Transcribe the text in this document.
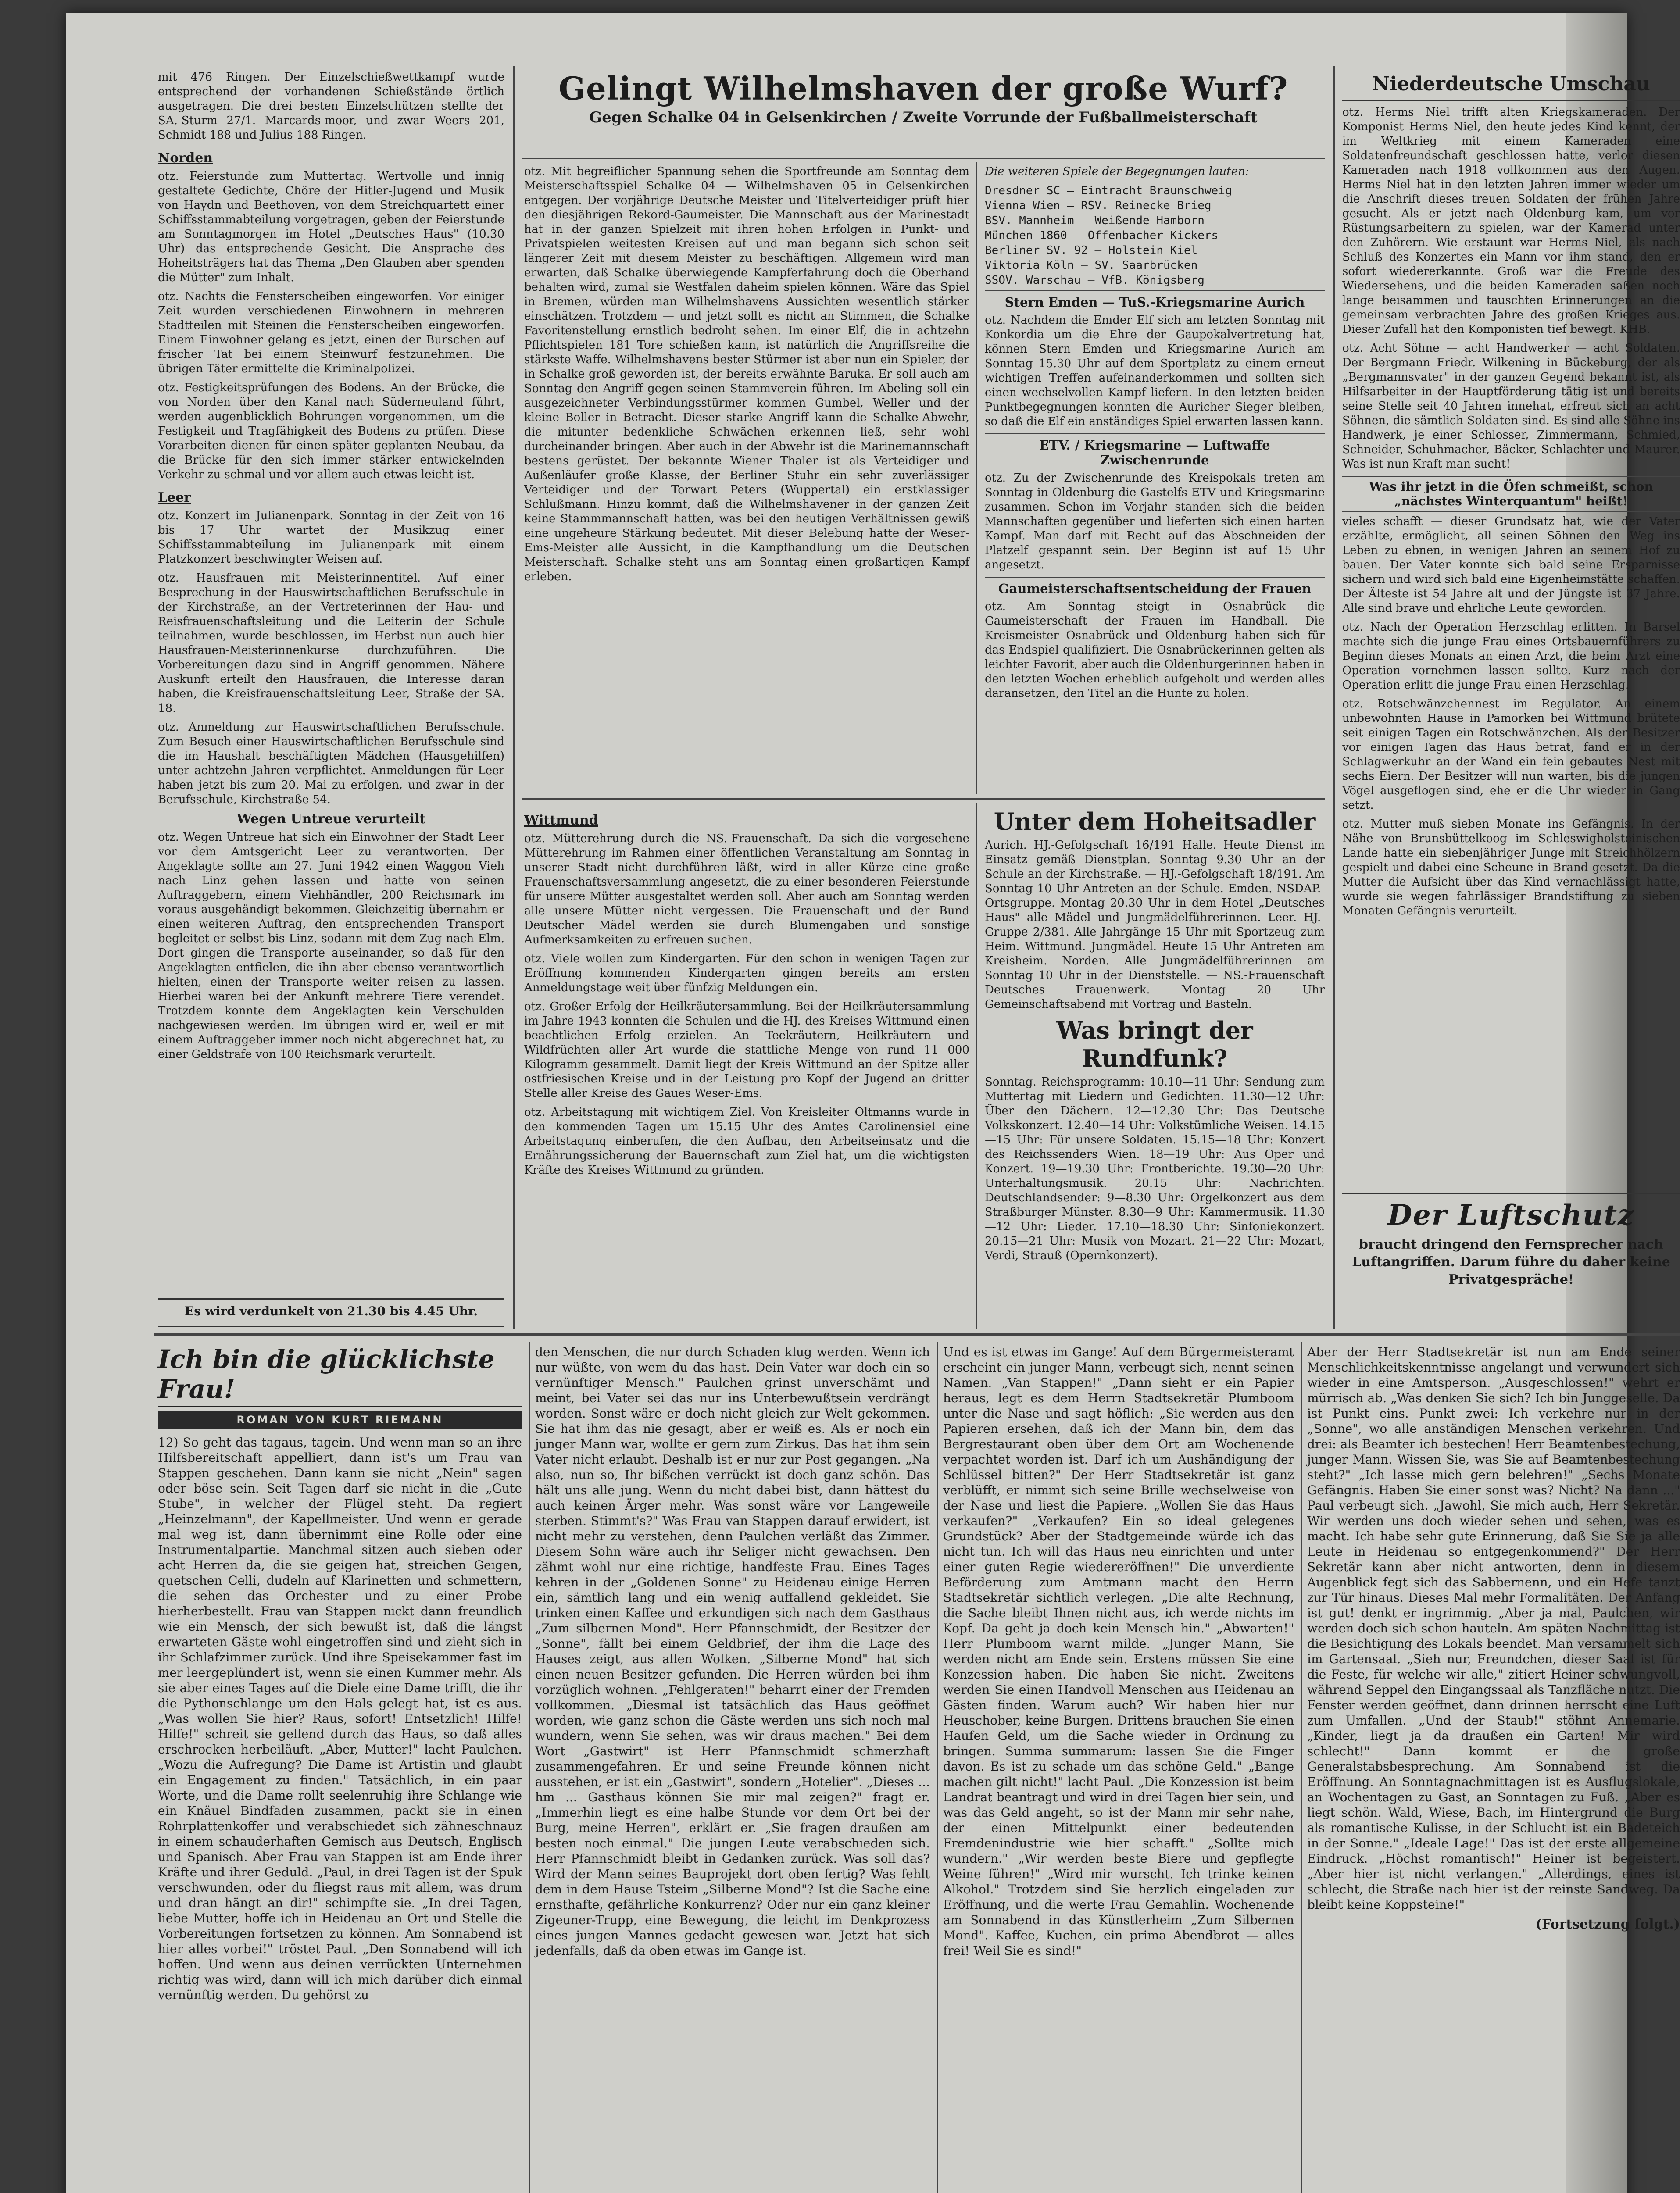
mit 476 Ringen. Der Einzelschießwettkampf wurde entsprechend der vorhandenen Schießstände örtlich ausgetragen. Die drei besten Einzelschützen stellte der SA.-Sturm 27/1. Marcards-moor, und zwar Weers 201, Schmidt 188 und Julius 188 Ringen.

Norden

otz. Feierstunde zum Muttertag. Wertvolle und innig gestaltete Gedichte, Chöre der Hitler-Jugend und Musik von Haydn und Beethoven, von dem Streichquartett einer Schiffsstammabteilung vorgetragen, geben der Feierstunde am Sonntagmorgen im Hotel „Deutsches Haus" (10.30 Uhr) das entsprechende Gesicht. Die Ansprache des Hoheitsträgers hat das Thema „Den Glauben aber spenden die Mütter" zum Inhalt.

otz. Nachts die Fensterscheiben eingeworfen. Vor einiger Zeit wurden verschiedenen Einwohnern in mehreren Stadtteilen mit Steinen die Fensterscheiben eingeworfen. Einem Einwohner gelang es jetzt, einen der Burschen auf frischer Tat bei einem Steinwurf festzunehmen. Die übrigen Täter ermittelte die Kriminalpolizei.

otz. Festigkeitsprüfungen des Bodens. An der Brücke, die von Norden über den Kanal nach Süderneuland führt, werden augenblicklich Bohrungen vorgenommen, um die Festigkeit und Tragfähigkeit des Bodens zu prüfen. Diese Vorarbeiten dienen für einen später geplanten Neubau, da die Brücke für den sich immer stärker entwickelnden Verkehr zu schmal und vor allem auch etwas leicht ist.

Leer

otz. Konzert im Julianenpark. Sonntag in der Zeit von 16 bis 17 Uhr wartet der Musikzug einer Schiffsstammabteilung im Julianenpark mit einem Platzkonzert beschwingter Weisen auf.

otz. Hausfrauen mit Meisterinnentitel. Auf einer Besprechung in der Hauswirtschaftlichen Berufsschule in der Kirchstraße, an der Vertreterinnen der Hau- und Reisfrauenschaftsleitung und die Leiterin der Schule teilnahmen, wurde beschlossen, im Herbst nun auch hier Hausfrauen-Meisterinnenkurse durchzuführen. Die Vorbereitungen dazu sind in Angriff genommen. Nähere Auskunft erteilt den Hausfrauen, die Interesse daran haben, die Kreisfrauenschaftsleitung Leer, Straße der SA. 18.

otz. Anmeldung zur Hauswirtschaftlichen Berufsschule. Zum Besuch einer Hauswirtschaftlichen Berufsschule sind die im Haushalt beschäftigten Mädchen (Hausgehilfen) unter achtzehn Jahren verpflichtet. Anmeldungen für Leer haben jetzt bis zum 20. Mai zu erfolgen, und zwar in der Berufsschule, Kirchstraße 54.

Wegen Untreue verurteilt

otz. Wegen Untreue hat sich ein Einwohner der Stadt Leer vor dem Amtsgericht Leer zu verantworten. Der Angeklagte sollte am 27. Juni 1942 einen Waggon Vieh nach Linz gehen lassen und hatte von seinen Auftraggebern, einem Viehhändler, 200 Reichsmark im voraus ausgehändigt bekommen. Gleichzeitig übernahm er einen weiteren Auftrag, den entsprechenden Transport begleitet er selbst bis Linz, sodann mit dem Zug nach Elm. Dort gingen die Transporte auseinander, so daß für den Angeklagten entfielen, die ihn aber ebenso verantwortlich hielten, einen der Transporte weiter reisen zu lassen. Hierbei waren bei der Ankunft mehrere Tiere verendet. Trotzdem konnte dem Angeklagten kein Verschulden nachgewiesen werden. Im übrigen wird er, weil er mit einem Auftraggeber immer noch nicht abgerechnet hat, zu einer Geldstrafe von 100 Reichsmark verurteilt.

Es wird verdunkelt von 21.30 bis 4.45 Uhr.
Gelingt Wilhelmshaven der große Wurf?
Gegen Schalke 04 in Gelsenkirchen / Zweite Vorrunde der Fußballmeisterschaft

otz. Mit begreiflicher Spannung sehen die Sportfreunde am Sonntag dem Meisterschaftsspiel Schalke 04 — Wilhelmshaven 05 in Gelsenkirchen entgegen. Der vorjährige Deutsche Meister und Titelverteidiger prüft hier den diesjährigen Rekord-Gaumeister. Die Mannschaft aus der Marinestadt hat in der ganzen Spielzeit mit ihren hohen Erfolgen in Punkt- und Privatspielen weitesten Kreisen auf und man begann sich schon seit längerer Zeit mit diesem Meister zu beschäftigen. Allgemein wird man erwarten, daß Schalke überwiegende Kampferfahrung doch die Oberhand behalten wird, zumal sie Westfalen daheim spielen können. Wäre das Spiel in Bremen, würden man Wilhelmshavens Aussichten wesentlich stärker einschätzen. Trotzdem — und jetzt sollt es nicht an Stimmen, die Schalke Favoritenstellung ernstlich bedroht sehen. Im einer Elf, die in achtzehn Pflichtspielen 181 Tore schießen kann, ist natürlich die Angriffsreihe die stärkste Waffe. Wilhelmshavens bester Stürmer ist aber nun ein Spieler, der in Schalke groß geworden ist, der bereits erwähnte Baruka. Er soll auch am Sonntag den Angriff gegen seinen Stammverein führen. Im Abeling soll ein ausgezeichneter Verbindungsstürmer kommen Gumbel, Weller und der kleine Boller in Betracht. Dieser starke Angriff kann die Schalke-Abwehr, die mitunter bedenkliche Schwächen erkennen ließ, sehr wohl durcheinander bringen. Aber auch in der Abwehr ist die Marinemannschaft bestens gerüstet. Der bekannte Wiener Thaler ist als Verteidiger und Außenläufer große Klasse, der Berliner Stuhr ein sehr zuverlässiger Verteidiger und der Torwart Peters (Wuppertal) ein erstklassiger Schlußmann. Hinzu kommt, daß die Wilhelmshavener in der ganzen Zeit keine Stammmannschaft hatten, was bei den heutigen Verhältnissen gewiß eine ungeheure Stärkung bedeutet. Mit dieser Belebung hatte der Weser-Ems-Meister alle Aussicht, in die Kampfhandlung um die Deutschen Meisterschaft. Schalke steht uns am Sonntag einen großartigen Kampf erleben.

Die weiteren Spiele der Begegnungen lauten:

Dresdner SC — Eintracht Braunschweig
Vienna Wien — RSV. Reinecke Brieg
BSV. Mannheim — Weißende Hamborn
München 1860 — Offenbacher Kickers
Berliner SV. 92 — Holstein Kiel
Viktoria Köln — SV. Saarbrücken
SSOV. Warschau — VfB. Königsberg
Stern Emden — TuS.-Kriegsmarine Aurich

otz. Nachdem die Emder Elf sich am letzten Sonntag mit Konkordia um die Ehre der Gaupokalvertretung hat, können Stern Emden und Kriegsmarine Aurich am Sonntag 15.30 Uhr auf dem Sportplatz zu einem erneut wichtigen Treffen aufeinanderkommen und sollten sich einen wechselvollen Kampf liefern. In den letzten beiden Punktbegegnungen konnten die Auricher Sieger bleiben, so daß die Elf ein anständiges Spiel erwarten lassen kann.

ETV. / Kriegsmarine — Luftwaffe Zwischenrunde

otz. Zu der Zwischenrunde des Kreispokals treten am Sonntag in Oldenburg die Gastelfs ETV und Kriegsmarine zusammen. Schon im Vorjahr standen sich die beiden Mannschaften gegenüber und lieferten sich einen harten Kampf. Man darf mit Recht auf das Abschneiden der Platzelf gespannt sein. Der Beginn ist auf 15 Uhr angesetzt.

Gaumeisterschaftsentscheidung der Frauen

otz. Am Sonntag steigt in Osnabrück die Gaumeisterschaft der Frauen im Handball. Die Kreismeister Osnabrück und Oldenburg haben sich für das Endspiel qualifiziert. Die Osnabrückerinnen gelten als leichter Favorit, aber auch die Oldenburgerinnen haben in den letzten Wochen erheblich aufgeholt und werden alles daransetzen, den Titel an die Hunte zu holen.

Wittmund

otz. Mütterehrung durch die NS.-Frauenschaft. Da sich die vorgesehene Mütterehrung im Rahmen einer öffentlichen Veranstaltung am Sonntag in unserer Stadt nicht durchführen läßt, wird in aller Kürze eine große Frauenschaftsversammlung angesetzt, die zu einer besonderen Feierstunde für unsere Mütter ausgestaltet werden soll. Aber auch am Sonntag werden alle unsere Mütter nicht vergessen. Die Frauenschaft und der Bund Deutscher Mädel werden sie durch Blumengaben und sonstige Aufmerksamkeiten zu erfreuen suchen.

otz. Viele wollen zum Kindergarten. Für den schon in wenigen Tagen zur Eröffnung kommenden Kindergarten gingen bereits am ersten Anmeldungstage weit über fünfzig Meldungen ein.

otz. Großer Erfolg der Heilkräutersammlung. Bei der Heilkräutersammlung im Jahre 1943 konnten die Schulen und die HJ. des Kreises Wittmund einen beachtlichen Erfolg erzielen. An Teekräutern, Heilkräutern und Wildfrüchten aller Art wurde die stattliche Menge von rund 11 000 Kilogramm gesammelt. Damit liegt der Kreis Wittmund an der Spitze aller ostfriesischen Kreise und in der Leistung pro Kopf der Jugend an dritter Stelle aller Kreise des Gaues Weser-Ems.

otz. Arbeitstagung mit wichtigem Ziel. Von Kreisleiter Oltmanns wurde in den kommenden Tagen um 15.15 Uhr des Amtes Carolinensiel eine Arbeitstagung einberufen, die den Aufbau, den Arbeitseinsatz und die Ernährungssicherung der Bauernschaft zum Ziel hat, um die wichtigsten Kräfte des Kreises Wittmund zu gründen.

Unter dem Hoheitsadler

Aurich. HJ.-Gefolgschaft 16/191 Halle. Heute Dienst im Einsatz gemäß Dienstplan. Sonntag 9.30 Uhr an der Schule an der Kirchstraße. — HJ.-Gefolgschaft 18/191. Am Sonntag 10 Uhr Antreten an der Schule. Emden. NSDAP.-Ortsgruppe. Montag 20.30 Uhr in dem Hotel „Deutsches Haus" alle Mädel und Jungmädelführerinnen. Leer. HJ.-Gruppe 2/381. Alle Jahrgänge 15 Uhr mit Sportzeug zum Heim. Wittmund. Jungmädel. Heute 15 Uhr Antreten am Kreisheim. Norden. Alle Jungmädelführerinnen am Sonntag 10 Uhr in der Dienststelle. — NS.-Frauenschaft Deutsches Frauenwerk. Montag 20 Uhr Gemeinschaftsabend mit Vortrag und Basteln.

Was bringt der Rundfunk?

Sonntag. Reichsprogramm: 10.10—11 Uhr: Sendung zum Muttertag mit Liedern und Gedichten. 11.30—12 Uhr: Über den Dächern. 12—12.30 Uhr: Das Deutsche Volkskonzert. 12.40—14 Uhr: Volkstümliche Weisen. 14.15—15 Uhr: Für unsere Soldaten. 15.15—18 Uhr: Konzert des Reichssenders Wien. 18—19 Uhr: Aus Oper und Konzert. 19—19.30 Uhr: Frontberichte. 19.30—20 Uhr: Unterhaltungsmusik. 20.15 Uhr: Nachrichten. Deutschlandsender: 9—8.30 Uhr: Orgelkonzert aus dem Straßburger Münster. 8.30—9 Uhr: Kammermusik. 11.30—12 Uhr: Lieder. 17.10—18.30 Uhr: Sinfoniekonzert. 20.15—21 Uhr: Musik von Mozart. 21—22 Uhr: Mozart, Verdi, Strauß (Opernkonzert).

Niederdeutsche Umschau

otz. Herms Niel trifft alten Kriegskameraden. Der Komponist Herms Niel, den heute jedes Kind kennt, der im Weltkrieg mit einem Kameraden eine Soldatenfreundschaft geschlossen hatte, verlor diesen Kameraden nach 1918 vollkommen aus den Augen. Herms Niel hat in den letzten Jahren immer wieder um die Anschrift dieses treuen Soldaten der frühen Jahre gesucht. Als er jetzt nach Oldenburg kam, um vor Rüstungsarbeitern zu spielen, war der Kamerad unter den Zuhörern. Wie erstaunt war Herms Niel, als nach Schluß des Konzertes ein Mann vor ihm stand, den er sofort wiedererkannte. Groß war die Freude des Wiedersehens, und die beiden Kameraden saßen noch lange beisammen und tauschten Erinnerungen an die gemeinsam verbrachten Jahre des großen Krieges aus. Dieser Zufall hat den Komponisten tief bewegt. KHB.

otz. Acht Söhne — acht Handwerker — acht Soldaten. Der Bergmann Friedr. Wilkening in Bückeburg, der als „Bergmannsvater" in der ganzen Gegend bekannt ist, als Hilfsarbeiter in der Hauptförderung tätig ist und bereits seine Stelle seit 40 Jahren innehat, erfreut sich an acht Söhnen, die sämtlich Soldaten sind. Es sind alle Söhne ins Handwerk, je einer Schlosser, Zimmermann, Schmied, Schneider, Schuhmacher, Bäcker, Schlachter und Maurer. Was ist nun Kraft man sucht!

Was ihr jetzt in die Öfen schmeißt, schon „nächstes Winterquantum" heißt!

vieles schafft — dieser Grundsatz hat, wie der Vater erzählte, ermöglicht, all seinen Söhnen den Weg ins Leben zu ebnen, in wenigen Jahren an seinem Hof zu bauen. Der Vater konnte sich bald seine Ersparnisse sichern und wird sich bald eine Eigenheimstätte schaffen. Der Älteste ist 54 Jahre alt und der Jüngste ist 37 Jahre. Alle sind brave und ehrliche Leute geworden.

otz. Nach der Operation Herzschlag erlitten. In Barsel machte sich die junge Frau eines Ortsbauernführers zu Beginn dieses Monats an einen Arzt, die beim Arzt eine Operation vornehmen lassen sollte. Kurz nach der Operation erlitt die junge Frau einen Herzschlag.

otz. Rotschwänzchennest im Regulator. An einem unbewohnten Hause in Pamorken bei Wittmund brütete seit einigen Tagen ein Rotschwänzchen. Als der Besitzer vor einigen Tagen das Haus betrat, fand er in der Schlagwerkuhr an der Wand ein fein gebautes Nest mit sechs Eiern. Der Besitzer will nun warten, bis die jungen Vögel ausgeflogen sind, ehe er die Uhr wieder in Gang setzt.

otz. Mutter muß sieben Monate ins Gefängnis. In der Nähe von Brunsbüttelkoog im Schleswigholsteinischen Lande hatte ein siebenjähriger Junge mit Streichhölzern gespielt und dabei eine Scheune in Brand gesetzt. Da die Mutter die Aufsicht über das Kind vernachlässigt hatte, wurde sie wegen fahrlässiger Brandstiftung zu sieben Monaten Gefängnis verurteilt.

Der Luftschutz
braucht dringend den Fernsprecher nach Luftangriffen. Darum führe du daher keine Privatgespräche!
Ich bin die glücklichste Frau!
ROMAN VON KURT RIEMANN

12) So geht das tagaus, tagein. Und wenn man so an ihre Hilfsbereitschaft appelliert, dann ist's um Frau van Stappen geschehen. Dann kann sie nicht „Nein" sagen oder böse sein. Seit Tagen darf sie nicht in die „Gute Stube", in welcher der Flügel steht. Da regiert „Heinzelmann", der Kapellmeister. Und wenn er gerade mal weg ist, dann übernimmt eine Rolle oder eine Instrumentalpartie. Manchmal sitzen auch sieben oder acht Herren da, die sie geigen hat, streichen Geigen, quetschen Celli, dudeln auf Klarinetten und schmettern, die sehen das Orchester und zu einer Probe hierherbestellt. Frau van Stappen nickt dann freundlich wie ein Mensch, der sich bewußt ist, daß die längst erwarteten Gäste wohl eingetroffen sind und zieht sich in ihr Schlafzimmer zurück. Und ihre Speisekammer fast im mer leergeplündert ist, wenn sie einen Kummer mehr. Als sie aber eines Tages auf die Diele eine Dame trifft, die ihr die Pythonschlange um den Hals gelegt hat, ist es aus. „Was wollen Sie hier? Raus, sofort! Entsetzlich! Hilfe! Hilfe!" schreit sie gellend durch das Haus, so daß alles erschrocken herbeiläuft. „Aber, Mutter!" lacht Paulchen. „Wozu die Aufregung? Die Dame ist Artistin und glaubt ein Engagement zu finden." Tatsächlich, in ein paar Worte, und die Dame rollt seelenruhig ihre Schlange wie ein Knäuel Bindfaden zusammen, packt sie in einen Rohrplattenkoffer und verabschiedet sich zähneschnauz in einem schauderhaften Gemisch aus Deutsch, Englisch und Spanisch. Aber Frau van Stappen ist am Ende ihrer Kräfte und ihrer Geduld. „Paul, in drei Tagen ist der Spuk verschwunden, oder du fliegst raus mit allem, was drum und dran hängt an dir!" schimpfte sie. „In drei Tagen, liebe Mutter, hoffe ich in Heidenau an Ort und Stelle die Vorbereitungen fortsetzen zu können. Am Sonnabend ist hier alles vorbei!" tröstet Paul. „Den Sonnabend will ich hoffen. Und wenn aus deinen verrückten Unternehmen richtig was wird, dann will ich mich darüber dich einmal vernünftig werden. Du gehörst zu

den Menschen, die nur durch Schaden klug werden. Wenn ich nur wüßte, von wem du das hast. Dein Vater war doch ein so vernünftiger Mensch." Paulchen grinst unverschämt und meint, bei Vater sei das nur ins Unterbewußtsein verdrängt worden. Sonst wäre er doch nicht gleich zur Welt gekommen. Sie hat ihm das nie gesagt, aber er weiß es. Als er noch ein junger Mann war, wollte er gern zum Zirkus. Das hat ihm sein Vater nicht erlaubt. Deshalb ist er nur zur Post gegangen. „Na also, nun so, Ihr bißchen verrückt ist doch ganz schön. Das hält uns alle jung. Wenn du nicht dabei bist, dann hättest du auch keinen Ärger mehr. Was sonst wäre vor Langeweile sterben. Stimmt's?" Was Frau van Stappen darauf erwidert, ist nicht mehr zu verstehen, denn Paulchen verläßt das Zimmer. Diesem Sohn wäre auch ihr Seliger nicht gewachsen. Den zähmt wohl nur eine richtige, handfeste Frau. Eines Tages kehren in der „Goldenen Sonne" zu Heidenau einige Herren ein, sämtlich lang und ein wenig auffallend gekleidet. Sie trinken einen Kaffee und erkundigen sich nach dem Gasthaus „Zum silbernen Mond". Herr Pfannschmidt, der Besitzer der „Sonne", fällt bei einem Geldbrief, der ihm die Lage des Hauses zeigt, aus allen Wolken. „Silberne Mond" hat sich einen neuen Besitzer gefunden. Die Herren würden bei ihm vorzüglich wohnen. „Fehlgeraten!" beharrt einer der Fremden vollkommen. „Diesmal ist tatsächlich das Haus geöffnet worden, wie ganz schon die Gäste werden uns sich noch mal wundern, wenn Sie sehen, was wir draus machen." Bei dem Wort „Gastwirt" ist Herr Pfannschmidt schmerzhaft zusammengefahren. Er und seine Freunde können nicht ausstehen, er ist ein „Gastwirt", sondern „Hotelier". „Dieses ... hm ... Gasthaus können Sie mir mal zeigen?" fragt er. „Immerhin liegt es eine halbe Stunde vor dem Ort bei der Burg, meine Herren", erklärt er. „Sie fragen draußen am besten noch einmal." Die jungen Leute verabschieden sich. Herr Pfannschmidt bleibt in Gedanken zurück. Was soll das? Wird der Mann seines Bauprojekt dort oben fertig? Was fehlt dem in dem Hause Tsteim „Silberne Mond"? Ist die Sache eine ernsthafte, gefährliche Konkurrenz? Oder nur ein ganz kleiner Zigeuner-Trupp, eine Bewegung, die leicht im Denkprozess eines jungen Mannes gedacht gewesen war. Jetzt hat sich jedenfalls, daß da oben etwas im Gange ist.

Und es ist etwas im Gange! Auf dem Bürgermeisteramt erscheint ein junger Mann, verbeugt sich, nennt seinen Namen. „Van Stappen!" „Dann sieht er ein Papier heraus, legt es dem Herrn Stadtsekretär Plumboom unter die Nase und sagt höflich: „Sie werden aus den Papieren ersehen, daß ich der Mann bin, dem das Bergrestaurant oben über dem Ort am Wochenende verpachtet worden ist. Darf ich um Aushändigung der Schlüssel bitten?" Der Herr Stadtsekretär ist ganz verblüfft, er nimmt sich seine Brille wechselweise von der Nase und liest die Papiere. „Wollen Sie das Haus verkaufen?" „Verkaufen? Ein so ideal gelegenes Grundstück? Aber der Stadtgemeinde würde ich das nicht tun. Ich will das Haus neu einrichten und unter einer guten Regie wiedereröffnen!" Die unverdiente Beförderung zum Amtmann macht den Herrn Stadtsekretär sichtlich verlegen. „Die alte Rechnung, die Sache bleibt Ihnen nicht aus, ich werde nichts im Kopf. Da geht ja doch kein Mensch hin." „Abwarten!" Herr Plumboom warnt milde. „Junger Mann, Sie werden nicht am Ende sein. Erstens müssen Sie eine Konzession haben. Die haben Sie nicht. Zweitens werden Sie einen Handvoll Menschen aus Heidenau an Gästen finden. Warum auch? Wir haben hier nur Heuschober, keine Burgen. Drittens brauchen Sie einen Haufen Geld, um die Sache wieder in Ordnung zu bringen. Summa summarum: lassen Sie die Finger davon. Es ist zu schade um das schöne Geld." „Bange machen gilt nicht!" lacht Paul. „Die Konzession ist beim Landrat beantragt und wird in drei Tagen hier sein, und was das Geld angeht, so ist der Mann mir sehr nahe, der einen Mittelpunkt einer bedeutenden Fremdenindustrie wie hier schafft." „Sollte mich wundern." „Wir werden beste Biere und gepflegte Weine führen!" „Wird mir wurscht. Ich trinke keinen Alkohol." Trotzdem sind Sie herzlich eingeladen zur Eröffnung, und die werte Frau Gemahlin. Wochenende am Sonnabend in das Künstlerheim „Zum Silbernen Mond". Kaffee, Kuchen, ein prima Abendbrot — alles frei! Weil Sie es sind!"

Aber der Herr Stadtsekretär ist nun am Ende seiner Menschlichkeitskenntnisse angelangt und verwundert sich wieder in eine Amtsperson. „Ausgeschlossen!" wehrt er mürrisch ab. „Was denken Sie sich? Ich bin Junggeselle. Da ist Punkt eins. Punkt zwei: Ich verkehre nur in der „Sonne", wo alle anständigen Menschen verkehren. Und drei: als Beamter ich bestechen! Herr Beamtenbestechung, junger Mann. Wissen Sie, was Sie auf Beamtenbestechung steht?" „Ich lasse mich gern belehren!" „Sechs Monate Gefängnis. Haben Sie einer sonst was? Nicht? Na dann ..." Paul verbeugt sich. „Jawohl, Sie mich auch, Herr Sekretär. Wir werden uns doch wieder sehen und sehen, was es macht. Ich habe sehr gute Erinnerung, daß Sie Sie ja alle Leute in Heidenau so entgegenkommend?" Der Herr Sekretär kann aber nicht antworten, denn in diesem Augenblick fegt sich das Sabbernenn, und ein Hefe tanzt zur Tür hinaus. Dieses Mal mehr Formalitäten. Der Anfang ist gut! denkt er ingrimmig. „Aber ja mal, Paulchen, wir werden doch sich schon hauteln. Am späten Nachmittag ist die Besichtigung des Lokals beendet. Man versammelt sich im Gartensaal. „Sieh nur, Freundchen, dieser Saal ist für die Feste, für welche wir alle," zitiert Heiner schwungvoll, während Seppel den Eingangssaal als Tanzfläche nutzt. Die Fenster werden geöffnet, dann drinnen herrscht eine Luft zum Umfallen. „Und der Staub!" stöhnt Annemarie. „Kinder, liegt ja da draußen ein Garten! Mir wird schlecht!" Dann kommt er die große Generalstabsbesprechung. Am Sonnabend ist die Eröffnung. An Sonntagnachmittagen ist es Ausflugslokale, an Wochentagen zu Gast, an Sonntagen zu Fuß. „Aber es liegt schön. Wald, Wiese, Bach, im Hintergrund die Burg als romantische Kulisse, in der Schlucht ist ein Badeteich in der Sonne." „Ideale Lage!" Das ist der erste allgemeine Eindruck. „Höchst romantisch!" Heiner ist begeistert. „Aber hier ist nicht verlangen." „Allerdings, eines ist schlecht, die Straße nach hier ist der reinste Sandweg. Da bleibt keine Koppsteine!"

(Fortsetzung folgt.)
